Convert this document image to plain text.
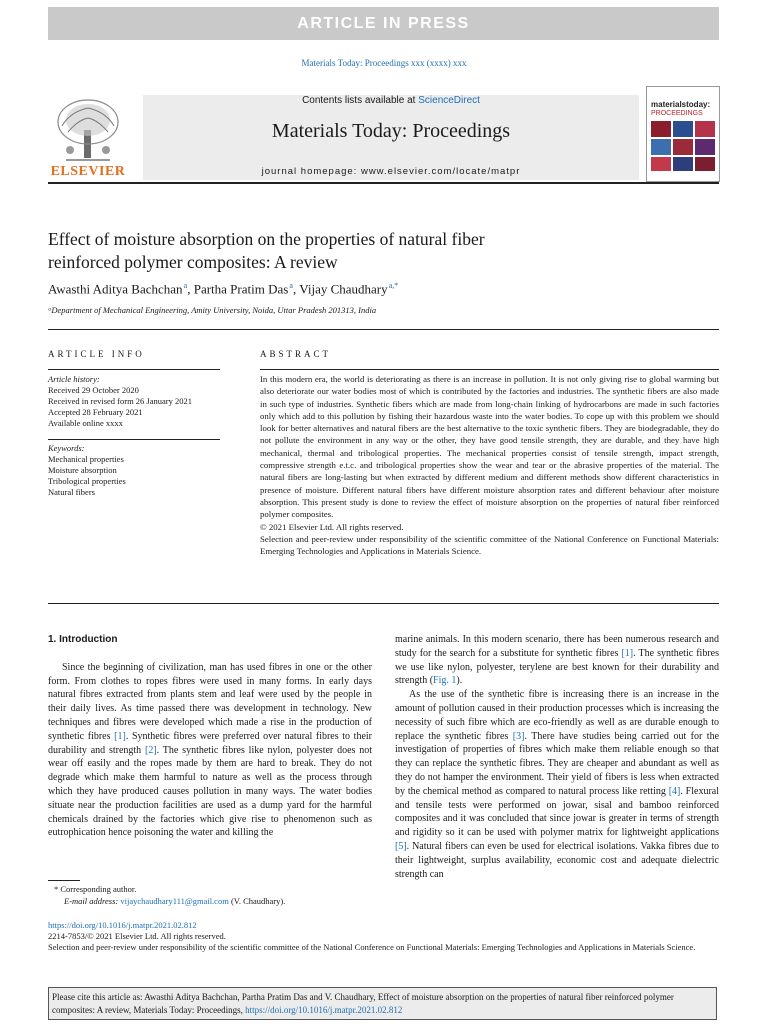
ARTICLE IN PRESS
Materials Today: Proceedings xxx (xxxx) xxx
Contents lists available at ScienceDirect
Materials Today: Proceedings
journal homepage: www.elsevier.com/locate/matpr
ELSEVIER
materialstoday:
PROCEEDINGS
Effect of moisture absorption on the properties of natural fiber
reinforced polymer composites: A review
Awasthi Aditya Bachchan $^a$, Partha Pratim Das $^a$, Vijay Chaudhary $^{a,*}$
ᵃDepartment of Mechanical Engineering, Amity University, Noida, Uttar Pradesh 201313, India
ARTICLE INFO
Article history:
Received 29 October 2020
Received in revised form 26 January 2021
Accepted 28 February 2021
Available online xxxx
Keywords:
Mechanical properties
Moisture absorption
Tribological properties
Natural fibers
ABSTRACT
In this modern era, the world is deteriorating as there is an increase in pollution. It is not only giving rise to global warming but also deteriorate our water bodies most of which is contributed by the factories and industries. The synthetic fibers are also made in such type of industries. Synthetic fibers which are made from long-chain linking of hydrocarbons are made in such factories only which add to this pollution by fishing their hazardous waste into the water bodies. To cope up with this problem we should look for better alternatives and natural fibers are the best alternative to the toxic synthetic fibers. They are biodegradable, they do not pollute the environment in any way or the other, they have good tensile strength, they are durable, and they have high mechanical, thermal and tribological properties. The mechanical properties consist of tensile strength, impact strength, compressive strength e.t.c. and tribological properties show the wear and tear or the abrasive properties of the material. The natural fibers are long-lasting but when extracted by different medium and different methods show different characteristics in presence of moisture. Different natural fibers have different moisture absorption rates and different behaviour after moisture absorption. This present study is done to review the effect of moisture absorption on the properties of natural fiber reinforced polymer composites.
© 2021 Elsevier Ltd. All rights reserved.
Selection and peer-review under responsibility of the scientific committee of the National Conference on Functional Materials: Emerging Technologies and Applications in Materials Science.
1. Introduction

Since the beginning of civilization, man has used fibres in one or the other form. From clothes to ropes fibres were used in many forms. In early days natural fibres extracted from plants stem and leaf were used by the people in their daily lives. As time passed there was development in technology. New techniques and fibres were developed which made a rise in the production of synthetic fibres [1]. Synthetic fibres were preferred over natural fibres to their durability and strength [2]. The synthetic fibres like nylon, polyester does not wear off easily and the ropes made by them are hard to break. They do not degrade which make them harmful to nature as well as the process through which they have produced causes pollution in many ways. The water bodies situate near the production facilities are used as a dump yard for the harmful chemicals drained by the factories which give rise to phenomenon such as eutrophication hence poisoning the water and killing the

marine animals. In this modern scenario, there has been numerous research and study for the search for a substitute for synthetic fibres [1]. The synthetic fibres we use like nylon, polyester, terylene are best known for their durability and strength (Fig. 1).

As the use of the synthetic fibre is increasing there is an increase in the amount of pollution caused in their production processes which is increasing the necessity of such fibre which are eco-friendly as well as are durable enough to replace the synthetic fibres [3]. There have studies being carried out for the investigation of properties of fibres which make them reliable enough so that they can replace the synthetic fibres. They are cheaper and abundant as well as they do not hamper the environment. Their yield of fibers is less when extracted by the chemical method as compared to natural process like retting [4]. Flexural and tensile tests were performed on jowar, sisal and bamboo reinforced composites and it was concluded that since jowar is greater in terms of strength and rigidity so it can be used with polymer matrix for lightweight applications [5]. Natural fibers can even be used for electrical isolations. Vakka fibres due to their lightweight, surplus availability, economic cost and adequate dielectric strength can

* Corresponding author.
E-mail address: vijaychaudhary111@gmail.com (V. Chaudhary).
https://doi.org/10.1016/j.matpr.2021.02.812
2214-7853/© 2021 Elsevier Ltd. All rights reserved.
Selection and peer-review under responsibility of the scientific committee of the National Conference on Functional Materials: Emerging Technologies and Applications in Materials Science.
Please cite this article as: Awasthi Aditya Bachchan, Partha Pratim Das and V. Chaudhary, Effect of moisture absorption on the properties of natural fiber reinforced polymer composites: A review, Materials Today: Proceedings, https://doi.org/10.1016/j.matpr.2021.02.812
